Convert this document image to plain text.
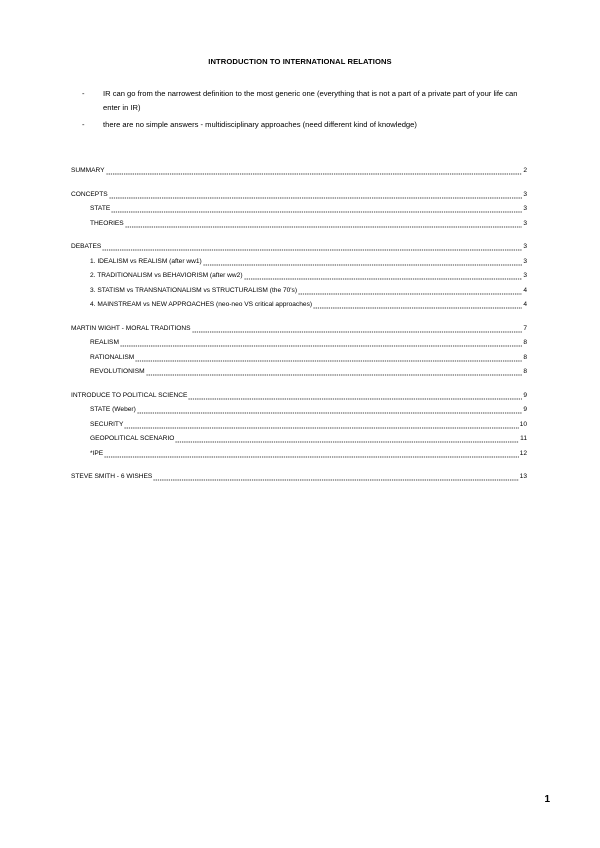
INTRODUCTION TO INTERNATIONAL RELATIONS
- IR can go from the narrowest definition to the most generic one (everything that is not a part of a private part of your life can enter in IR)
- there are no simple answers - multidisciplinary approaches (need different kind of knowledge)
SUMMARY	2
CONCEPTS	3
STATE	3
THEORIES	3
DEBATES	3
1. IDEALISM vs REALISM (after ww1)	3
2. TRADITIONALISM vs BEHAVIORISM (after ww2)	3
3. STATISM vs TRANSNATIONALISM vs STRUCTURALISM (the 70's)	4
4. MAINSTREAM vs NEW APPROACHES (neo-neo VS critical approaches)	4
MARTIN WIGHT - MORAL TRADITIONS	7
REALISM	8
RATIONALISM	8
REVOLUTIONISM	8
INTRODUCE TO POLITICAL SCIENCE	9
STATE (Weber)	9
SECURITY	10
GEOPOLITICAL SCENARIO	11
*IPE	12
STEVE SMITH - 6 WISHES	13
1
